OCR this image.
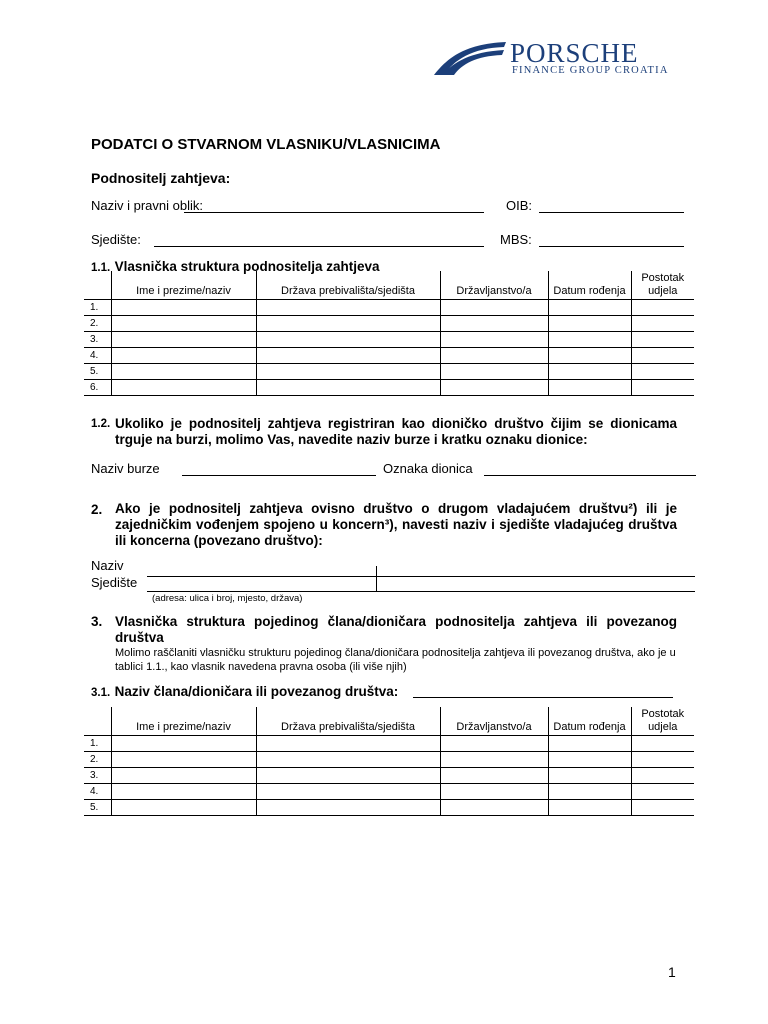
PORSCHE
FINANCE GROUP CROATIA
PODATCI O STVARNOM VLASNIKU/VLASNICIMA
Podnositelj zahtjeva:
Naziv i pravni oblik:	OIB:
Sjedište:	MBS:
1.1. Vlasnička struktura podnositelja zahtjeva
	Ime i prezime/naziv	Država prebivališta/sjedišta	Državljanstvo/a	Datum rođenja	Postotak udjela
1.					
2.					
3.					
4.					
5.					
6.					
1.2. Ukoliko je podnositelj zahtjeva registriran kao dioničko društvo čijim se dionicama trguje na burzi, molimo Vas, navedite naziv burze i kratku oznaku dionice:
Naziv burze	Oznaka dionica
2. Ako je podnositelj zahtjeva ovisno društvo o drugom vladajućem društvu²) ili je zajedničkim vođenjem spojeno u koncern³), navesti naziv i sjedište vladajućeg društva ili koncerna (povezano društvo):
Naziv
Sjedište
(adresa: ulica i broj, mjesto, država)
3. Vlasnička struktura pojedinog člana/dioničara podnositelja zahtjeva ili povezanog društva
Molimo raščlaniti vlasničku strukturu pojedinog člana/dioničara podnositelja zahtjeva ili povezanog društva, ako je u tablici 1.1., kao vlasnik navedena pravna osoba (ili više njih)
3.1. Naziv člana/dioničara ili povezanog društva:
	Ime i prezime/naziv	Država prebivališta/sjedišta	Državljanstvo/a	Datum rođenja	Postotak udjela
1.					
2.					
3.					
4.					
5.					
1
